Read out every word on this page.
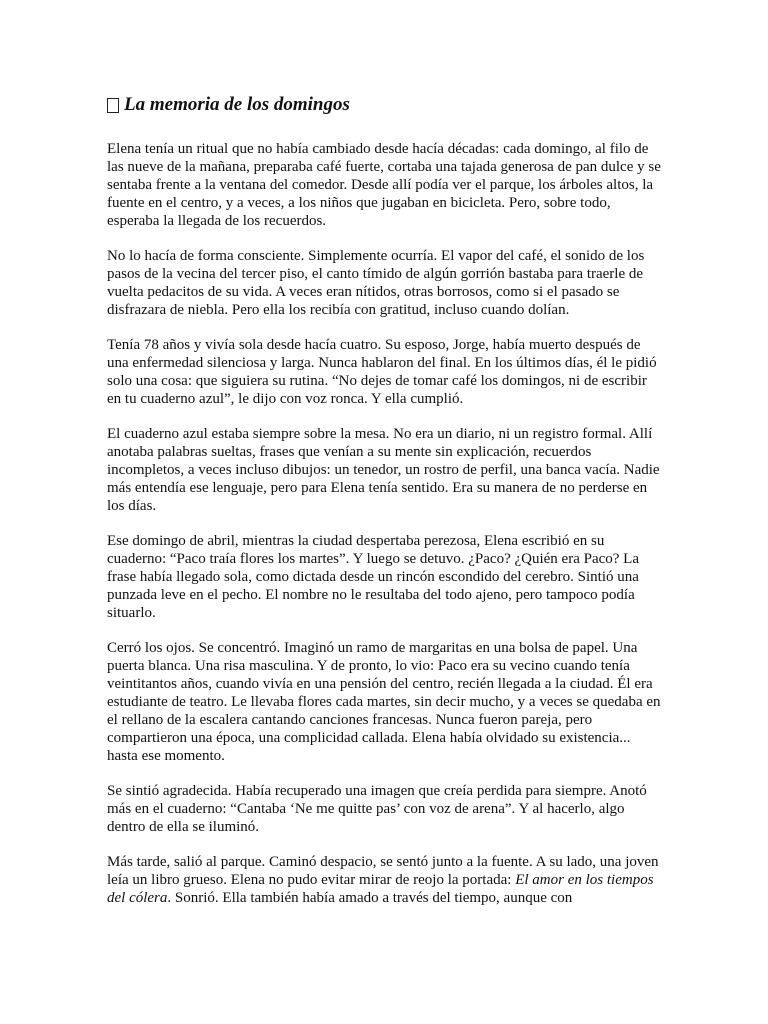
La memoria de los domingos

Elena tenía un ritual que no había cambiado desde hacía décadas: cada domingo, al filo de las nueve de la mañana, preparaba café fuerte, cortaba una tajada generosa de pan dulce y se sentaba frente a la ventana del comedor. Desde allí podía ver el parque, los árboles altos, la fuente en el centro, y a veces, a los niños que jugaban en bicicleta. Pero, sobre todo, esperaba la llegada de los recuerdos.

No lo hacía de forma consciente. Simplemente ocurría. El vapor del café, el sonido de los pasos de la vecina del tercer piso, el canto tímido de algún gorrión bastaba para traerle de vuelta pedacitos de su vida. A veces eran nítidos, otras borrosos, como si el pasado se disfrazara de niebla. Pero ella los recibía con gratitud, incluso cuando dolían.

Tenía 78 años y vivía sola desde hacía cuatro. Su esposo, Jorge, había muerto después de una enfermedad silenciosa y larga. Nunca hablaron del final. En los últimos días, él le pidió solo una cosa: que siguiera su rutina. “No dejes de tomar café los domingos, ni de escribir en tu cuaderno azul”, le dijo con voz ronca. Y ella cumplió.

El cuaderno azul estaba siempre sobre la mesa. No era un diario, ni un registro formal. Allí anotaba palabras sueltas, frases que venían a su mente sin explicación, recuerdos incompletos, a veces incluso dibujos: un tenedor, un rostro de perfil, una banca vacía. Nadie más entendía ese lenguaje, pero para Elena tenía sentido. Era su manera de no perderse en los días.

Ese domingo de abril, mientras la ciudad despertaba perezosa, Elena escribió en su cuaderno: “Paco traía flores los martes”. Y luego se detuvo. ¿Paco? ¿Quién era Paco? La frase había llegado sola, como dictada desde un rincón escondido del cerebro. Sintió una punzada leve en el pecho. El nombre no le resultaba del todo ajeno, pero tampoco podía situarlo.

Cerró los ojos. Se concentró. Imaginó un ramo de margaritas en una bolsa de papel. Una puerta blanca. Una risa masculina. Y de pronto, lo vio: Paco era su vecino cuando tenía veintitantos años, cuando vivía en una pensión del centro, recién llegada a la ciudad. Él era estudiante de teatro. Le llevaba flores cada martes, sin decir mucho, y a veces se quedaba en el rellano de la escalera cantando canciones francesas. Nunca fueron pareja, pero compartieron una época, una complicidad callada. Elena había olvidado su existencia... hasta ese momento.

Se sintió agradecida. Había recuperado una imagen que creía perdida para siempre. Anotó más en el cuaderno: “Cantaba ‘Ne me quitte pas’ con voz de arena”. Y al hacerlo, algo dentro de ella se iluminó.

Más tarde, salió al parque. Caminó despacio, se sentó junto a la fuente. A su lado, una joven leía un libro grueso. Elena no pudo evitar mirar de reojo la portada: El amor en los tiempos del cólera. Sonrió. Ella también había amado a través del tiempo, aunque con
